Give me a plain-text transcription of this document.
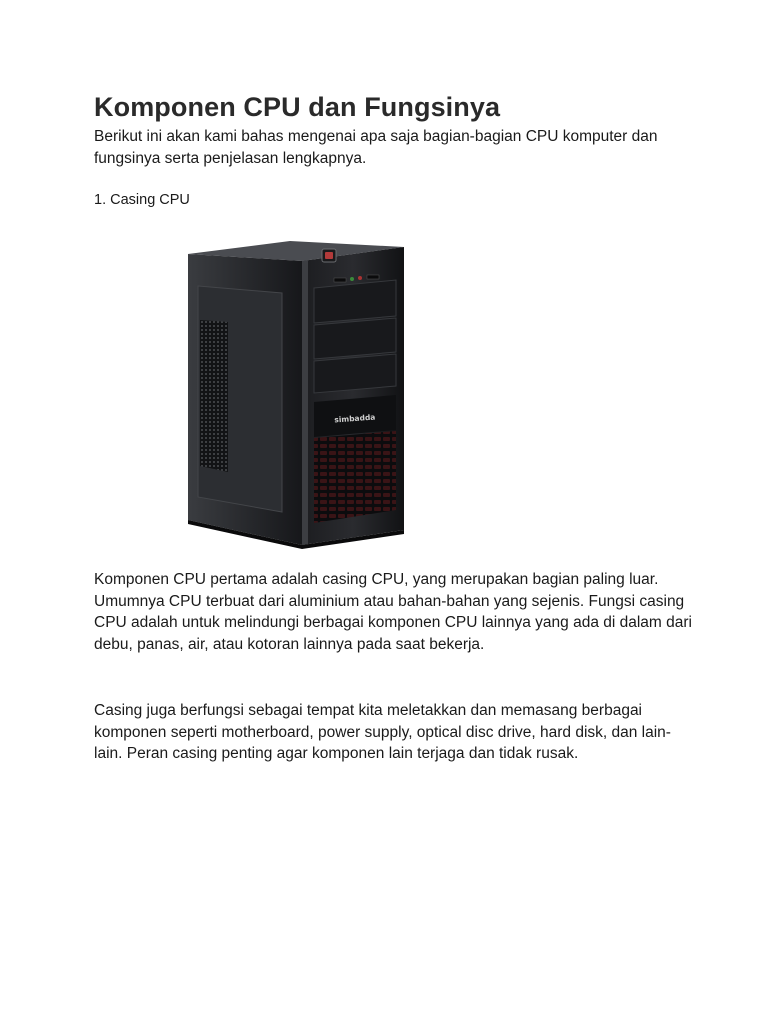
Komponen CPU dan Fungsinya

Berikut ini akan kami bahas mengenai apa saja bagian-bagian CPU komputer dan fungsinya serta penjelasan lengkapnya.

1. Casing CPU

simbadda

Komponen CPU pertama adalah casing CPU, yang merupakan bagian paling luar. Umumnya CPU terbuat dari aluminium atau bahan-bahan yang sejenis. Fungsi casing CPU adalah untuk melindungi berbagai komponen CPU lainnya yang ada di dalam dari debu, panas, air, atau kotoran lainnya pada saat bekerja.

Casing juga berfungsi sebagai tempat kita meletakkan dan memasang berbagai komponen seperti motherboard, power supply, optical disc drive, hard disk, dan lain-lain. Peran casing penting agar komponen lain terjaga dan tidak rusak.
